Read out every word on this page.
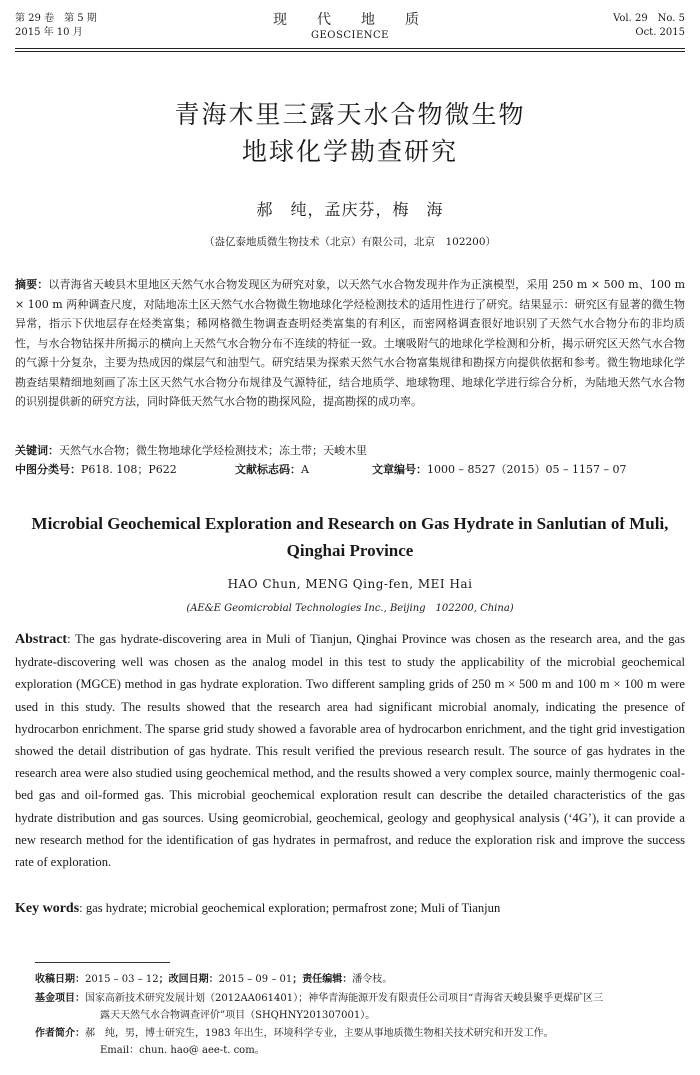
第 29 卷　第 5 期
2015 年 10 月
现　代　地　质
GEOSCIENCE
Vol. 29　No. 5
Oct. 2015
青海木里三露天水合物微生物
地球化学勘查研究
郝　纯，孟庆芬，梅　海
（盎亿泰地质微生物技术（北京）有限公司，北京　102200）
摘要：以青海省天峻县木里地区天然气水合物发现区为研究对象，以天然气水合物发现井作为正演模型，采用 250 m × 500 m、100 m × 100 m 两种调查尺度，对陆地冻土区天然气水合物微生物地球化学烃检测技术的适用性进行了研究。结果显示：研究区有显著的微生物异常，指示下伏地层存在烃类富集；稀网格微生物调查查明烃类富集的有利区，而密网格调查很好地识别了天然气水合物分布的非均质性，与水合物钻探井所揭示的横向上天然气水合物分布不连续的特征一致。土壤吸附气的地球化学检测和分析，揭示研究区天然气水合物的气源十分复杂，主要为热成因的煤层气和油型气。研究结果为探索天然气水合物富集规律和勘探方向提供依据和参考。微生物地球化学勘查结果精细地刻画了冻土区天然气水合物分布规律及气源特征，结合地质学、地球物理、地球化学进行综合分析，为陆地天然气水合物的识别提供新的研究方法，同时降低天然气水合物的勘探风险，提高勘探的成功率。
关键词：天然气水合物；微生物地球化学烃检测技术；冻土带；天峻木里
中图分类号：P618. 108；P622	文献标志码：A	文章编号：1000 – 8527（2015）05 – 1157 – 07
Microbial Geochemical Exploration and Research on Gas Hydrate in Sanlutian of Muli, Qinghai Province
HAO Chun, MENG Qing-fen, MEI Hai
(AE&E Geomicrobial Technologies Inc., Beijing　102200, China)
Abstract: The gas hydrate-discovering area in Muli of Tianjun, Qinghai Province was chosen as the research area, and the gas hydrate-discovering well was chosen as the analog model in this test to study the applicability of the microbial geochemical exploration (MGCE) method in gas hydrate exploration. Two different sampling grids of 250 m × 500 m and 100 m × 100 m were used in this study. The results showed that the research area had significant microbial anomaly, indicating the presence of hydrocarbon enrichment. The sparse grid study showed a favorable area of hydrocarbon enrichment, and the tight grid investigation showed the detail distribution of gas hydrate. This result verified the previous research result. The source of gas hydrates in the research area were also studied using geochemical method, and the results showed a very complex source, mainly thermogenic coal-bed gas and oil-formed gas. This microbial geochemical exploration result can describe the detailed characteristics of the gas hydrate distribution and gas sources. Using geomicrobial, geochemical, geology and geophysical analysis (‘4G’), it can provide a new research method for the identification of gas hydrates in permafrost, and reduce the exploration risk and improve the success rate of exploration.
Key words: gas hydrate; microbial geochemical exploration; permafrost zone; Muli of Tianjun
收稿日期：2015 – 03 – 12；改回日期：2015 – 09 – 01；责任编辑：潘令枝。
基金项目：国家高新技术研究发展计划（2012AA061401）；神华青海能源开发有限责任公司项目“青海省天峻县聚乎更煤矿区三
露天天然气水合物调查评价”项目（SHQHNY201307001）。
作者简介：郝　纯，男，博士研究生，1983 年出生，环境科学专业，主要从事地质微生物相关技术研究和开发工作。
Email：chun. hao@ aee-t. com。
